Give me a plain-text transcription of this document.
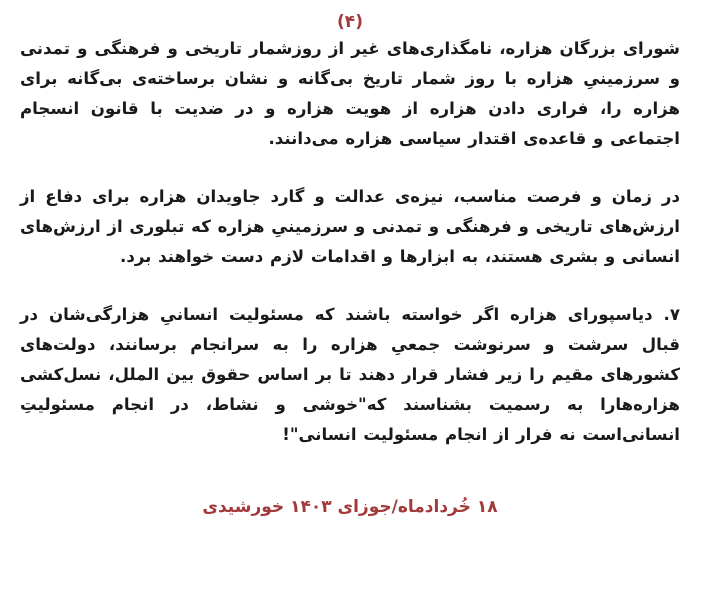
(۴)

شورای بزرگان هزاره، نامگذاری‌های غیر از روزشمار تاریخی و فرهنگی و تمدنی و سرزمینیِ هزاره با روز شمار تاریخ بی‌گانه و نشان برساخته‌ی بی‌گانه برای هزاره را، فراری دادن هزاره از هویت هزاره و در ضدیت با قانون انسجام اجتماعی و قاعده‌ی اقتدار سیاسی هزاره می‌دانند.

در زمان و فرصت مناسب، نیزه‌ی عدالت و گارد جاویدان هزاره برای دفاع از ارزش‌های تاریخی و فرهنگی و تمدنی و سرزمینیِ هزاره که تبلوری از ارزش‌های انسانی و بشری هستند، به ابزارها و اقدامات لازم دست خواهند برد.

۷. دیاسپورای هزاره اگر خواسته باشند که مسئولیت انسانیِ هزارگی‌شان در قبال سرشت و سرنوشت جمعیِ هزاره را به سرانجام برسانند، دولت‌های کشورهای مقیم را زیر فشار قرار دهند تا بر اساس حقوق بین الملل، نسل‌کشی هزاره‌هارا به رسمیت بشناسند که"خوشی و نشاط، در انجام مسئولیتِ انسانی‌است نه فرار از انجام مسئولیت انسانی"!

۱۸ خُردادماه/جوزای ۱۴۰۳ خورشیدی
